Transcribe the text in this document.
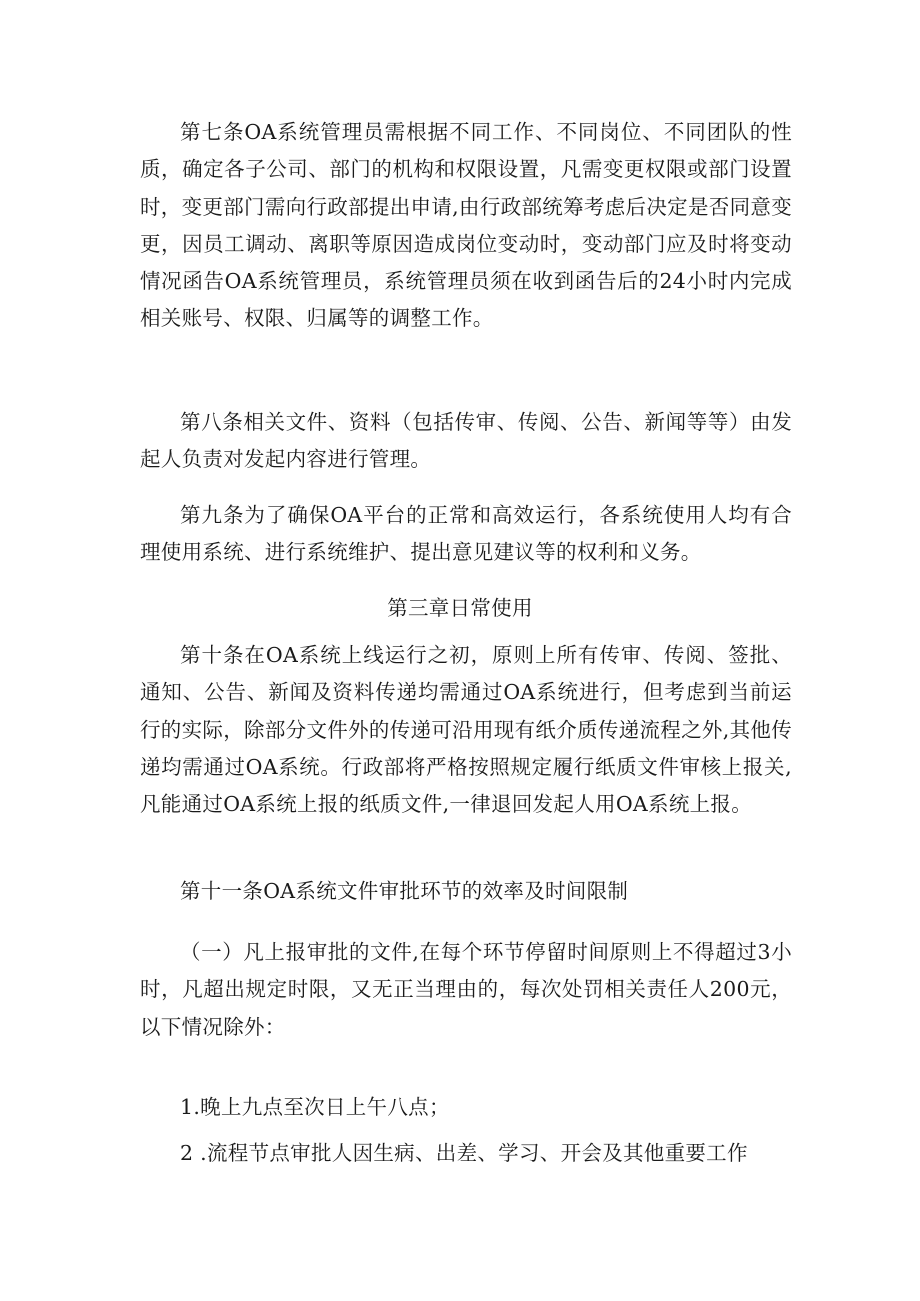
第七条OA系统管理员需根据不同工作、不同岗位、不同团队的性质，确定各子公司、部门的机构和权限设置，凡需变更权限或部门设置时，变更部门需向行政部提出申请,由行政部统筹考虑后决定是否同意变更，因员工调动、离职等原因造成岗位变动时，变动部门应及时将变动情况函告OA系统管理员，系统管理员须在收到函告后的24小时内完成相关账号、权限、归属等的调整工作。

第八条相关文件、资料（包括传审、传阅、公告、新闻等等）由发起人负责对发起内容进行管理。

第九条为了确保OA平台的正常和高效运行，各系统使用人均有合理使用系统、进行系统维护、提出意见建议等的权利和义务。

第三章日常使用

第十条在OA系统上线运行之初，原则上所有传审、传阅、签批、通知、公告、新闻及资料传递均需通过OA系统进行，但考虑到当前运行的实际，除部分文件外的传递可沿用现有纸介质传递流程之外,其他传递均需通过OA系统。行政部将严格按照规定履行纸质文件审核上报关,凡能通过OA系统上报的纸质文件,一律退回发起人用OA系统上报。

第十一条OA系统文件审批环节的效率及时间限制

（一）凡上报审批的文件,在每个环节停留时间原则上不得超过3小时，凡超出规定时限，又无正当理由的，每次处罚相关责任人200元，以下情况除外：

1.晚上九点至次日上午八点；

2 .流程节点审批人因生病、出差、学习、开会及其他重要工作
